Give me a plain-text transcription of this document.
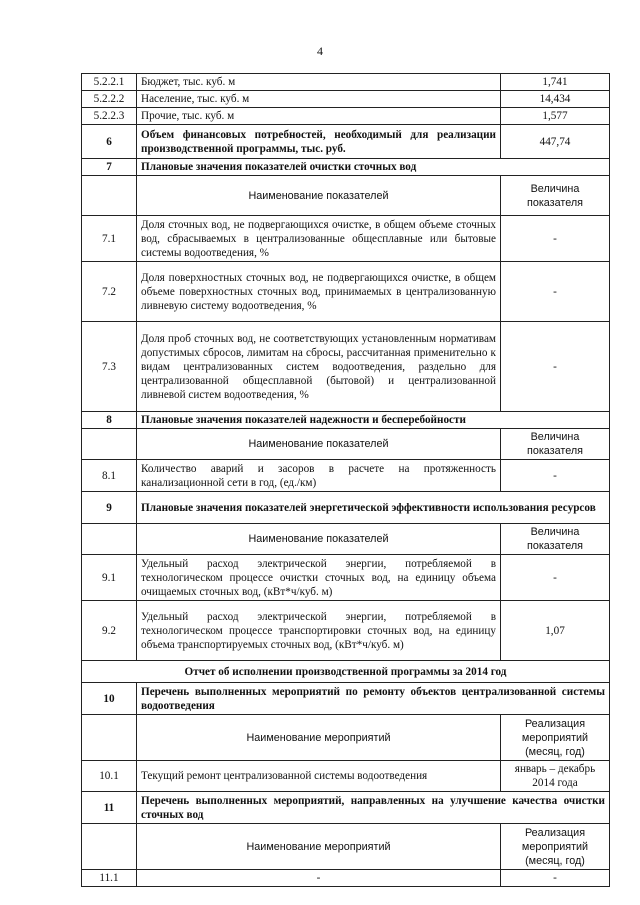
4
5.2.2.1	Бюджет, тыс. куб. м	1,741
5.2.2.2	Население, тыс. куб. м	14,434
5.2.2.3	Прочие, тыс. куб. м	1,577
6	Объем финансовых потребностей, необходимый для реализации производственной программы, тыс. руб.	447,74
7	Плановые значения показателей очистки сточных вод	
	Наименование показателей	Величина показателя
7.1	Доля сточных вод, не подвергающихся очистке, в общем объеме сточных вод, сбрасываемых в централизованные общесплавные или бытовые системы водоотведения, %	-
7.2	Доля поверхностных сточных вод, не подвергающихся очистке, в общем объеме поверхностных сточных вод, принимаемых в централизованную ливневую систему водоотведения, %	-
7.3	Доля проб сточных вод, не соответствующих установленным нормативам допустимых сбросов, лимитам на сбросы, рассчитанная применительно к видам централизованных систем водоотведения, раздельно для централизованной общесплавной (бытовой) и централизованной ливневой систем водоотведения, %	-
8	Плановые значения показателей надежности и бесперебойности	
	Наименование показателей	Величина показателя
8.1	Количество аварий и засоров в расчете на протяженность канализационной сети в год, (ед./км)	-
9	Плановые значения показателей энергетической эффективности использования ресурсов	
	Наименование показателей	Величина показателя
9.1	Удельный расход электрической энергии, потребляемой в технологическом процессе очистки сточных вод, на единицу объема очищаемых сточных вод, (кВт*ч/куб. м)	-
9.2	Удельный расход электрической энергии, потребляемой в технологическом процессе транспортировки сточных вод, на единицу объема транспортируемых сточных вод, (кВт*ч/куб. м)	1,07
Отчет об исполнении производственной программы за 2014 год		
10	Перечень выполненных мероприятий по ремонту объектов централизованной системы водоотведения	
	Наименование мероприятий	Реализация мероприятий (месяц, год)
10.1	Текущий ремонт централизованной системы водоотведения	январь – декабрь 2014 года
11	Перечень выполненных мероприятий, направленных на улучшение качества очистки сточных вод	
	Наименование мероприятий	Реализация мероприятий (месяц, год)
11.1	-	-
